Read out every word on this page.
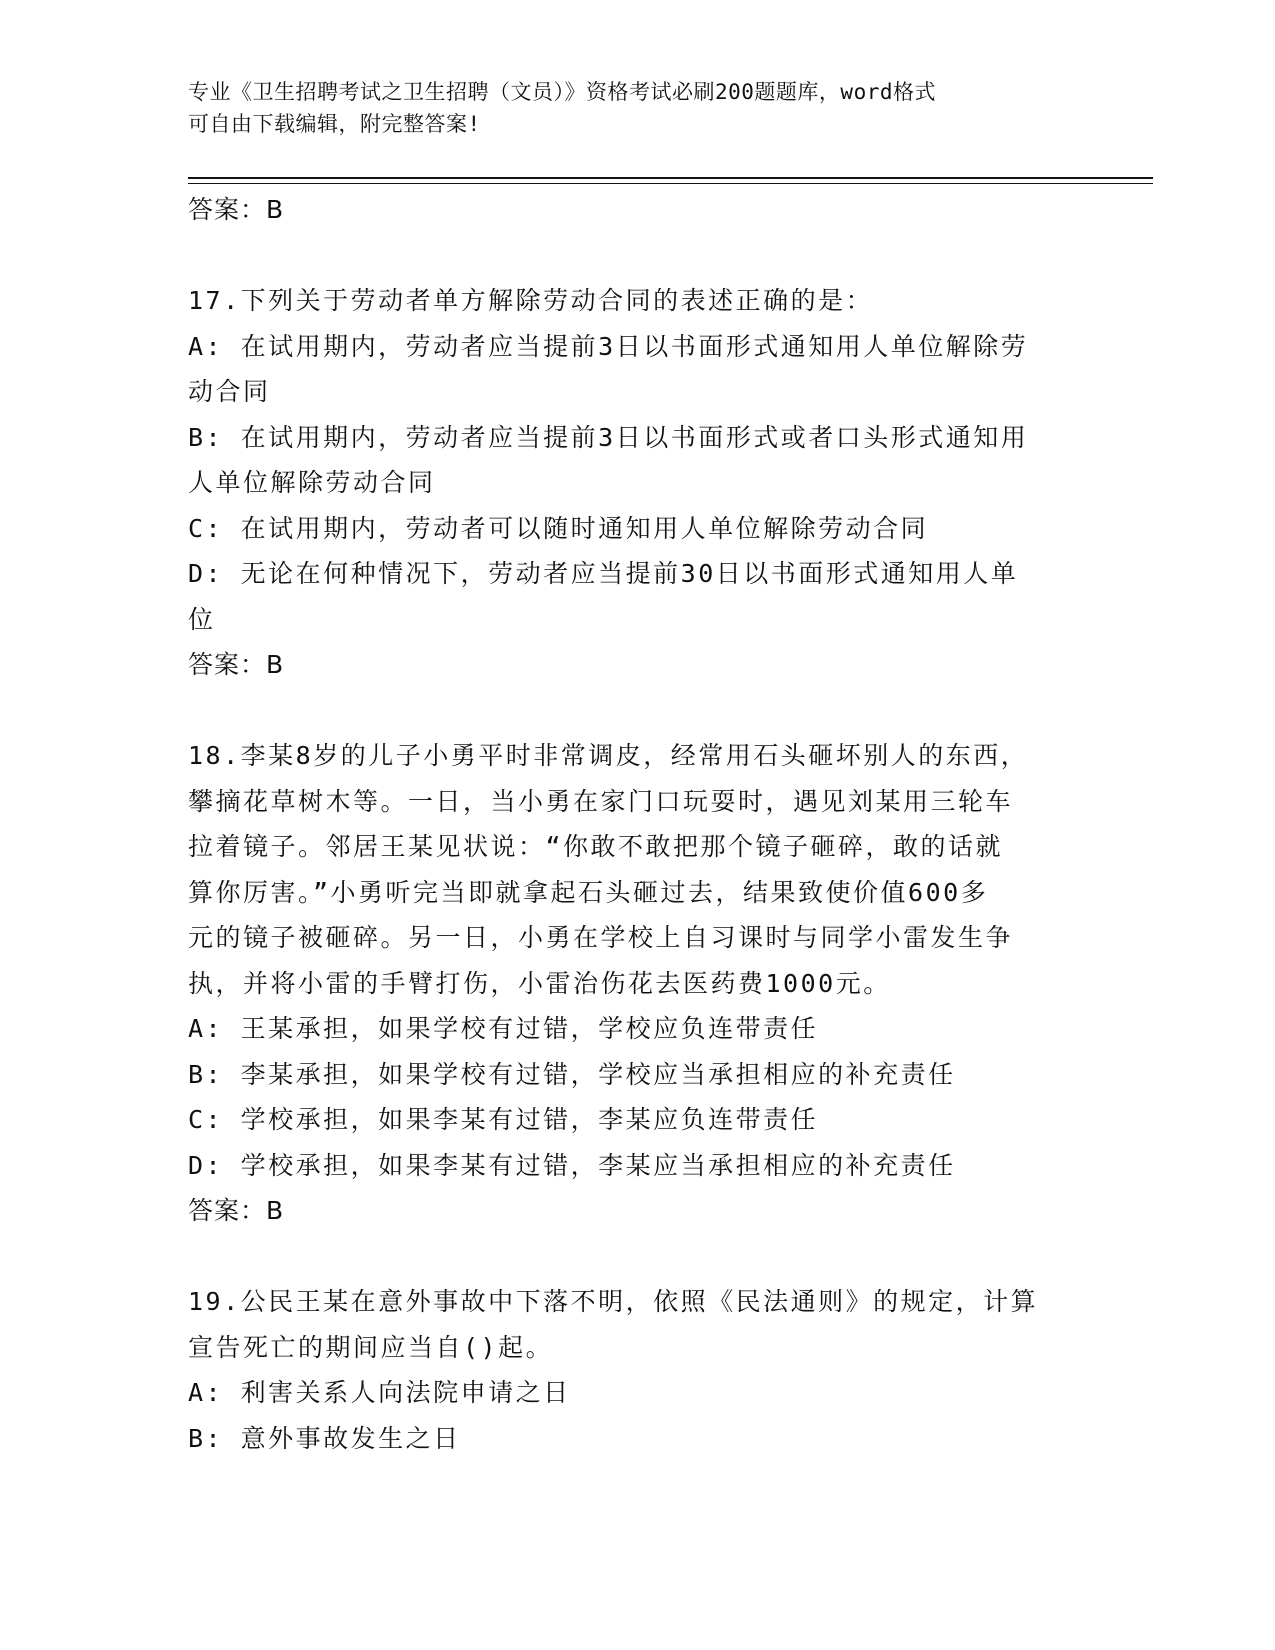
专业《卫生招聘考试之卫生招聘（文员）》资格考试必刷200题题库，word格式
可自由下载编辑，附完整答案!
答案：B
17.下列关于劳动者单方解除劳动合同的表述正确的是：
A: 在试用期内，劳动者应当提前3日以书面形式通知用人单位解除劳
动合同
B: 在试用期内，劳动者应当提前3日以书面形式或者口头形式通知用
人单位解除劳动合同
C: 在试用期内，劳动者可以随时通知用人单位解除劳动合同
D: 无论在何种情况下，劳动者应当提前30日以书面形式通知用人单
位
答案：B
18.李某8岁的儿子小勇平时非常调皮，经常用石头砸坏别人的东西，
攀摘花草树木等。一日，当小勇在家门口玩耍时，遇见刘某用三轮车
拉着镜子。邻居王某见状说：“你敢不敢把那个镜子砸碎，敢的话就
算你厉害。”小勇听完当即就拿起石头砸过去，结果致使价值600多
元的镜子被砸碎。另一日，小勇在学校上自习课时与同学小雷发生争
执，并将小雷的手臂打伤，小雷治伤花去医药费1000元。
A: 王某承担，如果学校有过错，学校应负连带责任
B: 李某承担，如果学校有过错，学校应当承担相应的补充责任
C: 学校承担，如果李某有过错，李某应负连带责任
D: 学校承担，如果李某有过错，李某应当承担相应的补充责任
答案：B
19.公民王某在意外事故中下落不明，依照《民法通则》的规定，计算
宣告死亡的期间应当自()起。
A: 利害关系人向法院申请之日
B: 意外事故发生之日
